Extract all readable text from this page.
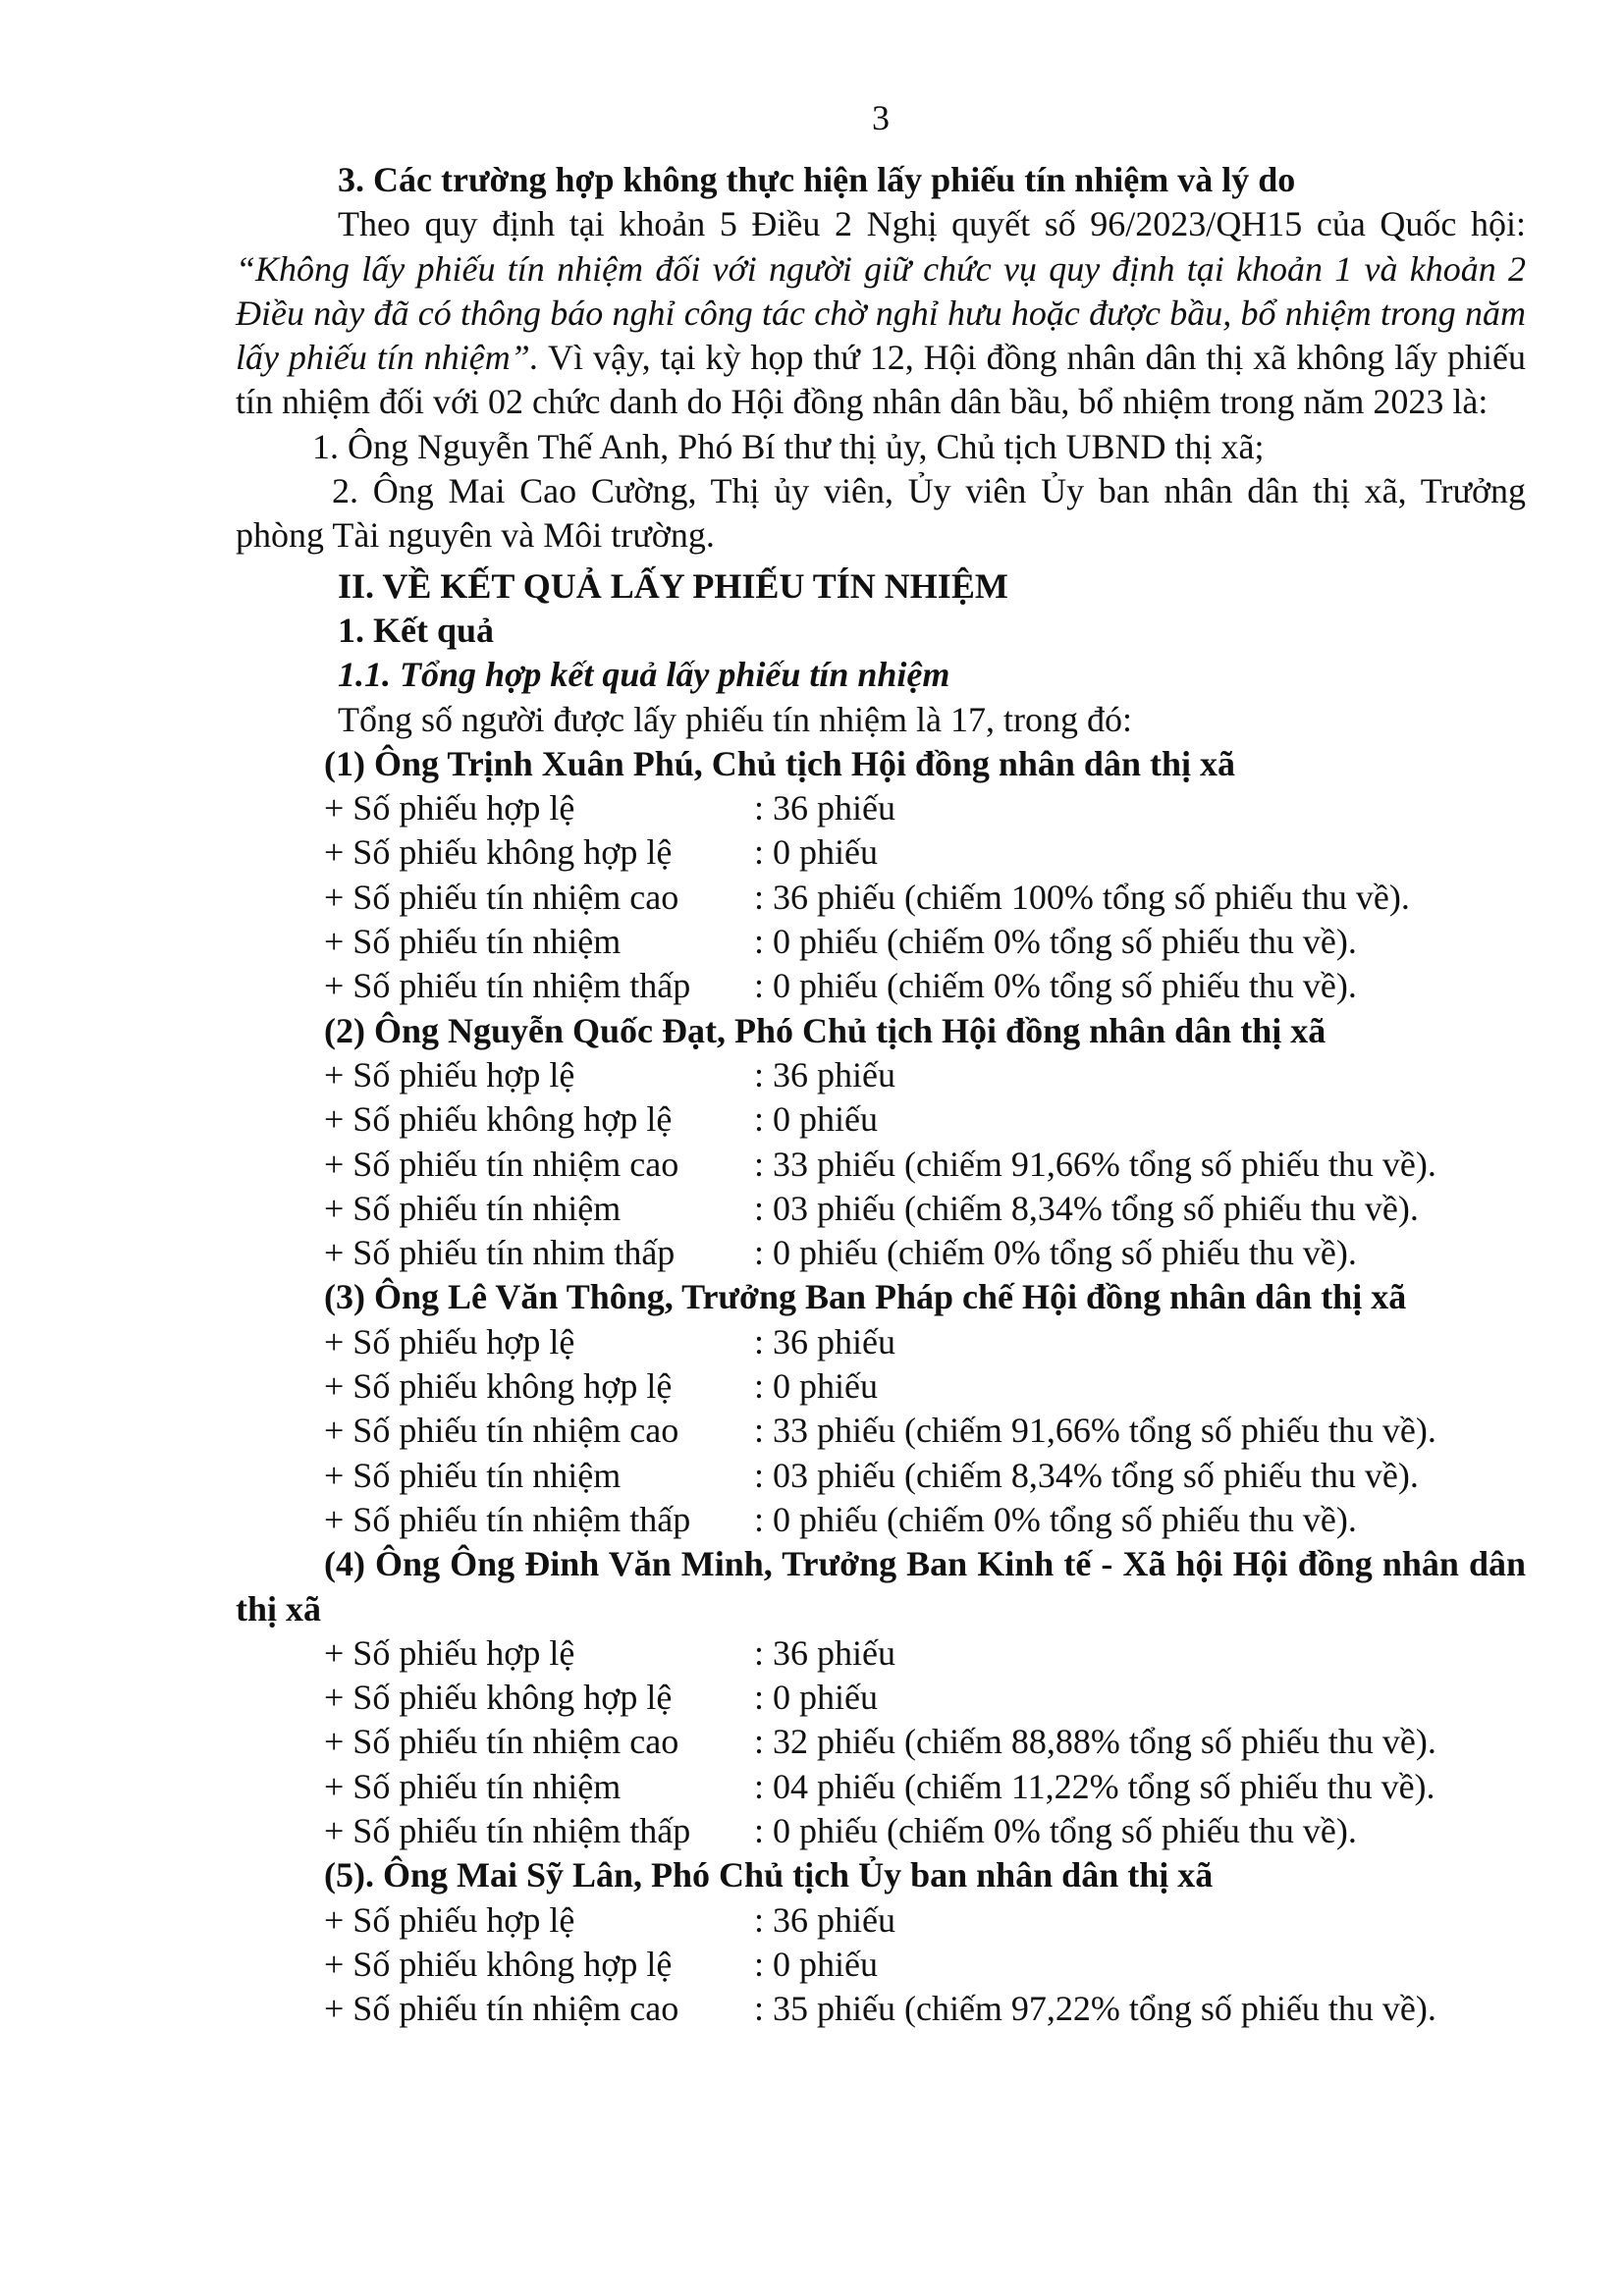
3

3. Các trường hợp không thực hiện lấy phiếu tín nhiệm và lý do

Theo quy định tại khoản 5 Điều 2 Nghị quyết số 96/2023/QH15 của Quốc hội: “Không lấy phiếu tín nhiệm đối với người giữ chức vụ quy định tại khoản 1 và khoản 2 Điều này đã có thông báo nghỉ công tác chờ nghỉ hưu hoặc được bầu, bổ nhiệm trong năm lấy phiếu tín nhiệm”. Vì vậy, tại kỳ họp thứ 12, Hội đồng nhân dân thị xã không lấy phiếu tín nhiệm đối với 02 chức danh do Hội đồng nhân dân bầu, bổ nhiệm trong năm 2023 là:

1. Ông Nguyễn Thế Anh, Phó Bí thư thị ủy, Chủ tịch UBND thị xã;

2. Ông Mai Cao Cường, Thị ủy viên, Ủy viên Ủy ban nhân dân thị xã, Trưởng phòng Tài nguyên và Môi trường.

II. VỀ KẾT QUẢ LẤY PHIẾU TÍN NHIỆM

1. Kết quả

1.1. Tổng hợp kết quả lấy phiếu tín nhiệm

Tổng số người được lấy phiếu tín nhiệm là 17, trong đó:

(1) Ông Trịnh Xuân Phú, Chủ tịch Hội đồng nhân dân thị xã

+ Số phiếu hợp lệ	: 36 phiếu
+ Số phiếu không hợp lệ	: 0 phiếu
+ Số phiếu tín nhiệm cao	: 36 phiếu (chiếm 100% tổng số phiếu thu về).
+ Số phiếu tín nhiệm	: 0 phiếu (chiếm 0% tổng số phiếu thu về).
+ Số phiếu tín nhiệm thấp	: 0 phiếu (chiếm 0% tổng số phiếu thu về).

(2) Ông Nguyễn Quốc Đạt, Phó Chủ tịch Hội đồng nhân dân thị xã

+ Số phiếu hợp lệ	: 36 phiếu
+ Số phiếu không hợp lệ	: 0 phiếu
+ Số phiếu tín nhiệm cao	: 33 phiếu (chiếm 91,66% tổng số phiếu thu về).
+ Số phiếu tín nhiệm	: 03 phiếu (chiếm 8,34% tổng số phiếu thu về).
+ Số phiếu tín nhim thấp	: 0 phiếu (chiếm 0% tổng số phiếu thu về).

(3) Ông Lê Văn Thông, Trưởng Ban Pháp chế Hội đồng nhân dân thị xã

+ Số phiếu hợp lệ	: 36 phiếu
+ Số phiếu không hợp lệ	: 0 phiếu
+ Số phiếu tín nhiệm cao	: 33 phiếu (chiếm 91,66% tổng số phiếu thu về).
+ Số phiếu tín nhiệm	: 03 phiếu (chiếm 8,34% tổng số phiếu thu về).
+ Số phiếu tín nhiệm thấp	: 0 phiếu (chiếm 0% tổng số phiếu thu về).

(4) Ông Ông Đinh Văn Minh, Trưởng Ban Kinh tế - Xã hội Hội đồng nhân dân thị xã

+ Số phiếu hợp lệ	: 36 phiếu
+ Số phiếu không hợp lệ	: 0 phiếu
+ Số phiếu tín nhiệm cao	: 32 phiếu (chiếm 88,88% tổng số phiếu thu về).
+ Số phiếu tín nhiệm	: 04 phiếu (chiếm 11,22% tổng số phiếu thu về).
+ Số phiếu tín nhiệm thấp	: 0 phiếu (chiếm 0% tổng số phiếu thu về).

(5). Ông Mai Sỹ Lân, Phó Chủ tịch Ủy ban nhân dân thị xã

+ Số phiếu hợp lệ	: 36 phiếu
+ Số phiếu không hợp lệ	: 0 phiếu
+ Số phiếu tín nhiệm cao	: 35 phiếu (chiếm 97,22% tổng số phiếu thu về).
